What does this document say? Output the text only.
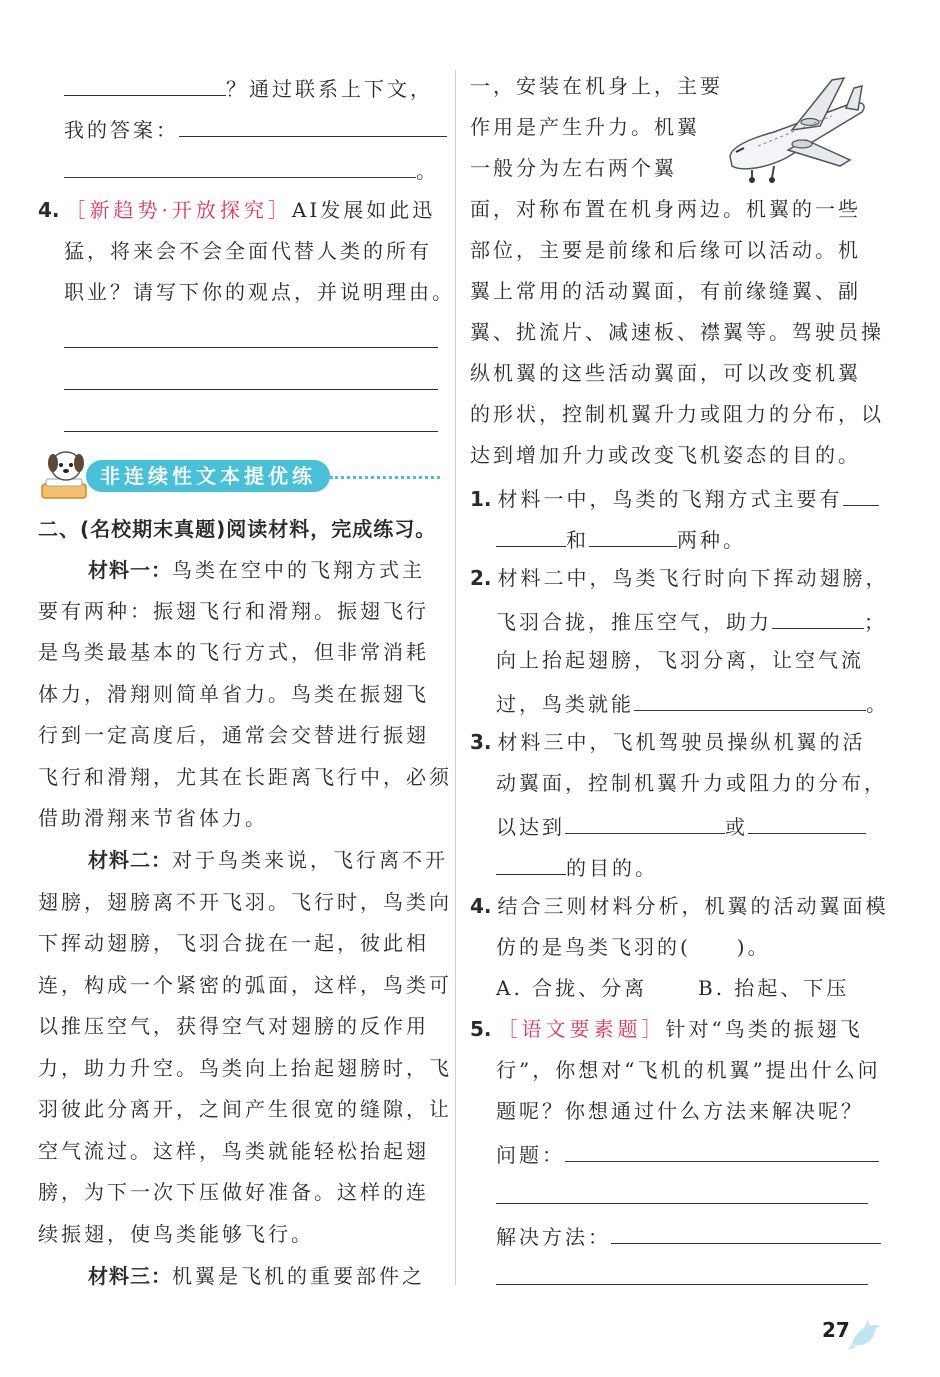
？通过联系上下文，
我的答案：
。
4. ［新趋势·开放探究］AI发展如此迅
猛，将来会不会全面代替人类的所有
职业？请写下你的观点，并说明理由。
非连续性文本提优练
二、(名校期末真题)阅读材料，完成练习。
材料一：鸟类在空中的飞翔方式主
要有两种：振翅飞行和滑翔。振翅飞行
是鸟类最基本的飞行方式，但非常消耗
体力，滑翔则简单省力。鸟类在振翅飞
行到一定高度后，通常会交替进行振翅
飞行和滑翔，尤其在长距离飞行中，必须
借助滑翔来节省体力。
材料二：对于鸟类来说，飞行离不开
翅膀，翅膀离不开飞羽。飞行时，鸟类向
下挥动翅膀，飞羽合拢在一起，彼此相
连，构成一个紧密的弧面，这样，鸟类可
以推压空气，获得空气对翅膀的反作用
力，助力升空。鸟类向上抬起翅膀时，飞
羽彼此分离开，之间产生很宽的缝隙，让
空气流过。这样，鸟类就能轻松抬起翅
膀，为下一次下压做好准备。这样的连
续振翅，使鸟类能够飞行。
材料三：机翼是飞机的重要部件之
一，安装在机身上，主要
作用是产生升力。机翼
一般分为左右两个翼
面，对称布置在机身两边。机翼的一些
部位，主要是前缘和后缘可以活动。机
翼上常用的活动翼面，有前缘缝翼、副
翼、扰流片、减速板、襟翼等。驾驶员操
纵机翼的这些活动翼面，可以改变机翼
的形状，控制机翼升力或阻力的分布，以
达到增加升力或改变飞机姿态的目的。
1. 材料一中，鸟类的飞翔方式主要有
和	两种。
2. 材料二中，鸟类飞行时向下挥动翅膀，
飞羽合拢，推压空气，助力	；
向上抬起翅膀，飞羽分离，让空气流
过，鸟类就能	。
3. 材料三中，飞机驾驶员操纵机翼的活
动翼面，控制机翼升力或阻力的分布，
以达到	或
的目的。
4. 结合三则材料分析，机翼的活动翼面模
仿的是鸟类飞羽的(　　)。
A. 合拢、分离	B. 抬起、下压
5. ［语文要素题］针对“鸟类的振翅飞
行”，你想对“飞机的机翼”提出什么问
题呢？你想通过什么方法来解决呢？
问题：
解决方法：
27
